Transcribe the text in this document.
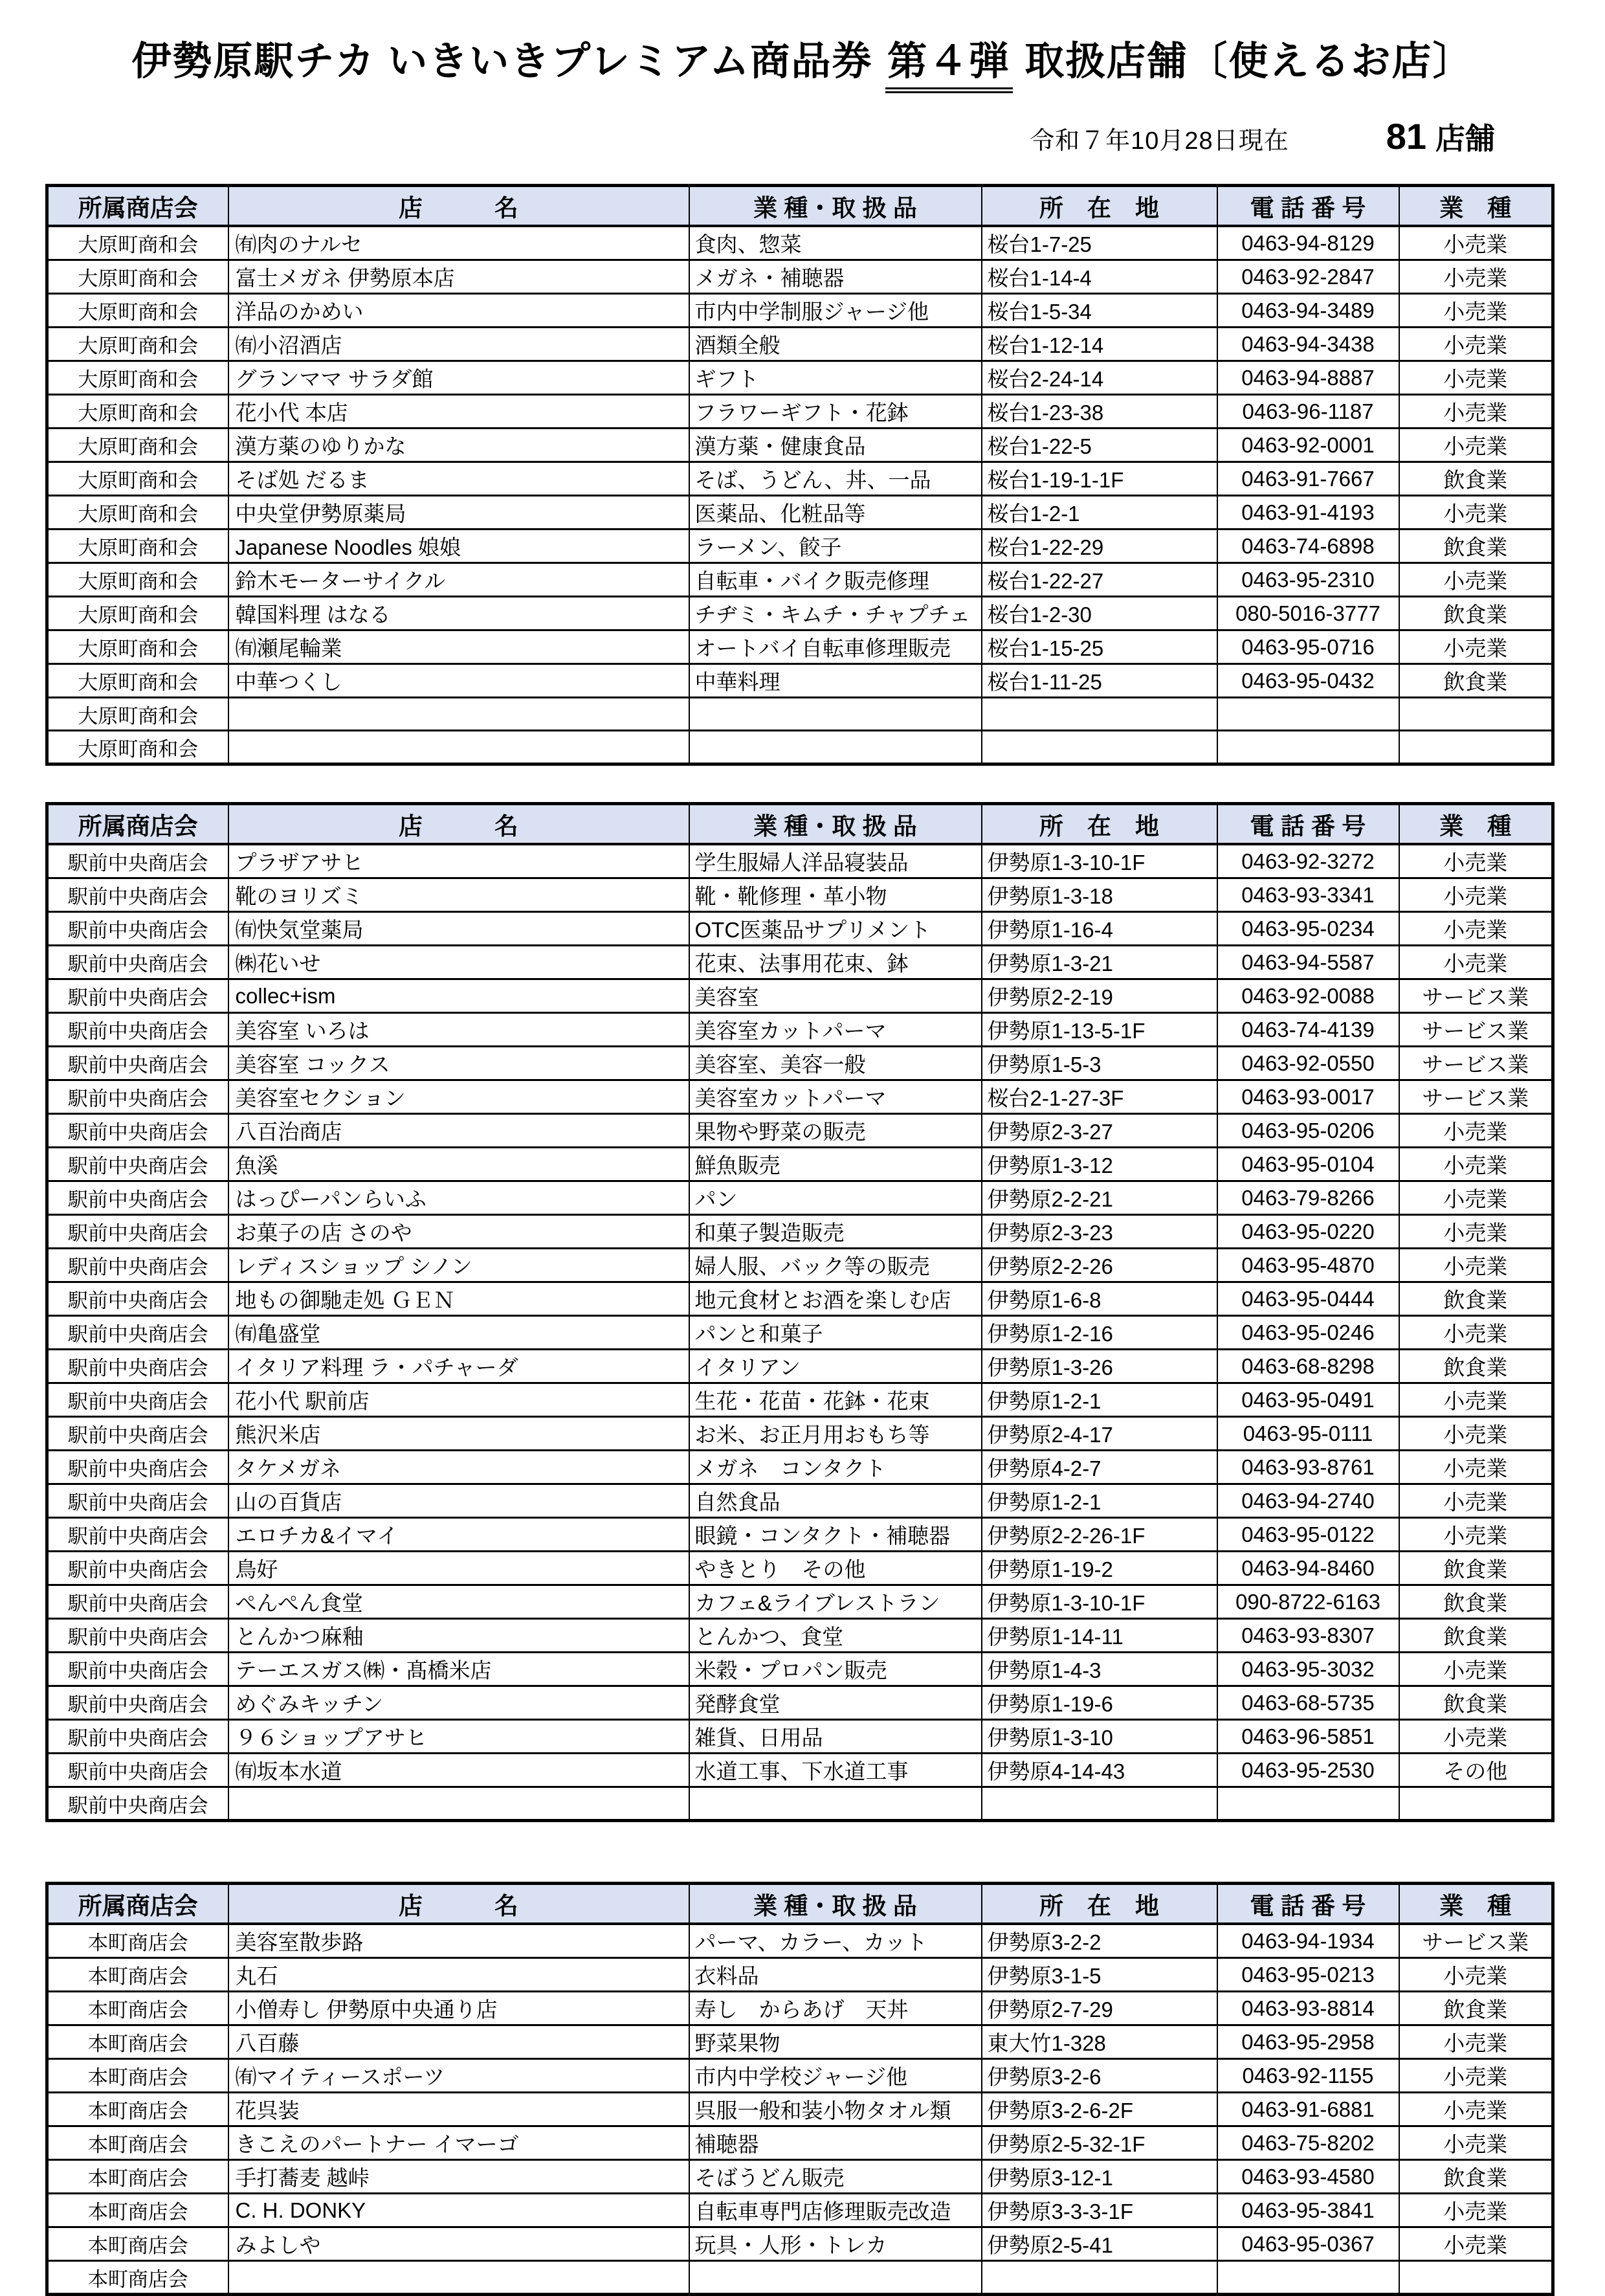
伊勢原駅チカ いきいきプレミアム商品券 第４弾 取扱店舗〔使えるお店〕
令和７年10月28日現在	81 店舗
所属商店会	店　　　名	業 種・取 扱 品	所　在　地	電 話 番 号	業　種
大原町商和会	㈲肉のナルセ	食肉、惣菜	桜台1-7-25	0463-94-8129	小売業
大原町商和会	富士メガネ 伊勢原本店	メガネ・補聴器	桜台1-14-4	0463-92-2847	小売業
大原町商和会	洋品のかめい	市内中学制服ジャージ他	桜台1-5-34	0463-94-3489	小売業
大原町商和会	㈲小沼酒店	酒類全般	桜台1-12-14	0463-94-3438	小売業
大原町商和会	グランママ サラダ館	ギフト	桜台2-24-14	0463-94-8887	小売業
大原町商和会	花小代 本店	フラワーギフト・花鉢	桜台1-23-38	0463-96-1187	小売業
大原町商和会	漢方薬のゆりかな	漢方薬・健康食品	桜台1-22-5	0463-92-0001	小売業
大原町商和会	そば処 だるま	そば、うどん、丼、一品	桜台1-19-1-1F	0463-91-7667	飲食業
大原町商和会	中央堂伊勢原薬局	医薬品、化粧品等	桜台1-2-1	0463-91-4193	小売業
大原町商和会	Japanese Noodles 娘娘	ラーメン、餃子	桜台1-22-29	0463-74-6898	飲食業
大原町商和会	鈴木モーターサイクル	自転車・バイク販売修理	桜台1-22-27	0463-95-2310	小売業
大原町商和会	韓国料理 はなる	チヂミ・キムチ・チャプチェ	桜台1-2-30	080-5016-3777	飲食業
大原町商和会	㈲瀬尾輪業	オートバイ自転車修理販売	桜台1-15-25	0463-95-0716	小売業
大原町商和会	中華つくし	中華料理	桜台1-11-25	0463-95-0432	飲食業
大原町商和会					
大原町商和会					
所属商店会	店　　　名	業 種・取 扱 品	所　在　地	電 話 番 号	業　種
駅前中央商店会	プラザアサヒ	学生服婦人洋品寝装品	伊勢原1-3-10-1F	0463-92-3272	小売業
駅前中央商店会	靴のヨリズミ	靴・靴修理・革小物	伊勢原1-3-18	0463-93-3341	小売業
駅前中央商店会	㈲快気堂薬局	OTC医薬品サプリメント	伊勢原1-16-4	0463-95-0234	小売業
駅前中央商店会	㈱花いせ	花束、法事用花束、鉢	伊勢原1-3-21	0463-94-5587	小売業
駅前中央商店会	collec+ism	美容室	伊勢原2-2-19	0463-92-0088	サービス業
駅前中央商店会	美容室 いろは	美容室カットパーマ	伊勢原1-13-5-1F	0463-74-4139	サービス業
駅前中央商店会	美容室 コックス	美容室、美容一般	伊勢原1-5-3	0463-92-0550	サービス業
駅前中央商店会	美容室セクション	美容室カットパーマ	桜台2-1-27-3F	0463-93-0017	サービス業
駅前中央商店会	八百治商店	果物や野菜の販売	伊勢原2-3-27	0463-95-0206	小売業
駅前中央商店会	魚溪	鮮魚販売	伊勢原1-3-12	0463-95-0104	小売業
駅前中央商店会	はっぴーパンらいふ	パン	伊勢原2-2-21	0463-79-8266	小売業
駅前中央商店会	お菓子の店 さのや	和菓子製造販売	伊勢原2-3-23	0463-95-0220	小売業
駅前中央商店会	レディスショップ シノン	婦人服、バック等の販売	伊勢原2-2-26	0463-95-4870	小売業
駅前中央商店会	地もの御馳走処 ＧＥＮ	地元食材とお酒を楽しむ店	伊勢原1-6-8	0463-95-0444	飲食業
駅前中央商店会	㈲亀盛堂	パンと和菓子	伊勢原1-2-16	0463-95-0246	小売業
駅前中央商店会	イタリア料理 ラ・パチャーダ	イタリアン	伊勢原1-3-26	0463-68-8298	飲食業
駅前中央商店会	花小代 駅前店	生花・花苗・花鉢・花束	伊勢原1-2-1	0463-95-0491	小売業
駅前中央商店会	熊沢米店	お米、お正月用おもち等	伊勢原2-4-17	0463-95-0111	小売業
駅前中央商店会	タケメガネ	メガネ　コンタクト	伊勢原4-2-7	0463-93-8761	小売業
駅前中央商店会	山の百貨店	自然食品	伊勢原1-2-1	0463-94-2740	小売業
駅前中央商店会	エロチカ&イマイ	眼鏡・コンタクト・補聴器	伊勢原2-2-26-1F	0463-95-0122	小売業
駅前中央商店会	鳥好	やきとり　その他	伊勢原1-19-2	0463-94-8460	飲食業
駅前中央商店会	ぺんぺん食堂	カフェ&ライブレストラン	伊勢原1-3-10-1F	090-8722-6163	飲食業
駅前中央商店会	とんかつ麻釉	とんかつ、食堂	伊勢原1-14-11	0463-93-8307	飲食業
駅前中央商店会	テーエスガス㈱・髙橋米店	米穀・プロパン販売	伊勢原1-4-3	0463-95-3032	小売業
駅前中央商店会	めぐみキッチン	発酵食堂	伊勢原1-19-6	0463-68-5735	飲食業
駅前中央商店会	９６ショップアサヒ	雑貨、日用品	伊勢原1-3-10	0463-96-5851	小売業
駅前中央商店会	㈲坂本水道	水道工事、下水道工事	伊勢原4-14-43	0463-95-2530	その他
駅前中央商店会					
所属商店会	店　　　名	業 種・取 扱 品	所　在　地	電 話 番 号	業　種
本町商店会	美容室散歩路	パーマ、カラー、カット	伊勢原3-2-2	0463-94-1934	サービス業
本町商店会	丸石	衣料品	伊勢原3-1-5	0463-95-0213	小売業
本町商店会	小僧寿し 伊勢原中央通り店	寿し　からあげ　天丼	伊勢原2-7-29	0463-93-8814	飲食業
本町商店会	八百藤	野菜果物	東大竹1-328	0463-95-2958	小売業
本町商店会	㈲マイティースポーツ	市内中学校ジャージ他	伊勢原3-2-6	0463-92-1155	小売業
本町商店会	花呉装	呉服一般和装小物タオル類	伊勢原3-2-6-2F	0463-91-6881	小売業
本町商店会	きこえのパートナー イマーゴ	補聴器	伊勢原2-5-32-1F	0463-75-8202	小売業
本町商店会	手打蕎麦 越峠	そばうどん販売	伊勢原3-12-1	0463-93-4580	飲食業
本町商店会	C. H. DONKY	自転車専門店修理販売改造	伊勢原3-3-3-1F	0463-95-3841	小売業
本町商店会	みよしや	玩具・人形・トレカ	伊勢原2-5-41	0463-95-0367	小売業
本町商店会					
